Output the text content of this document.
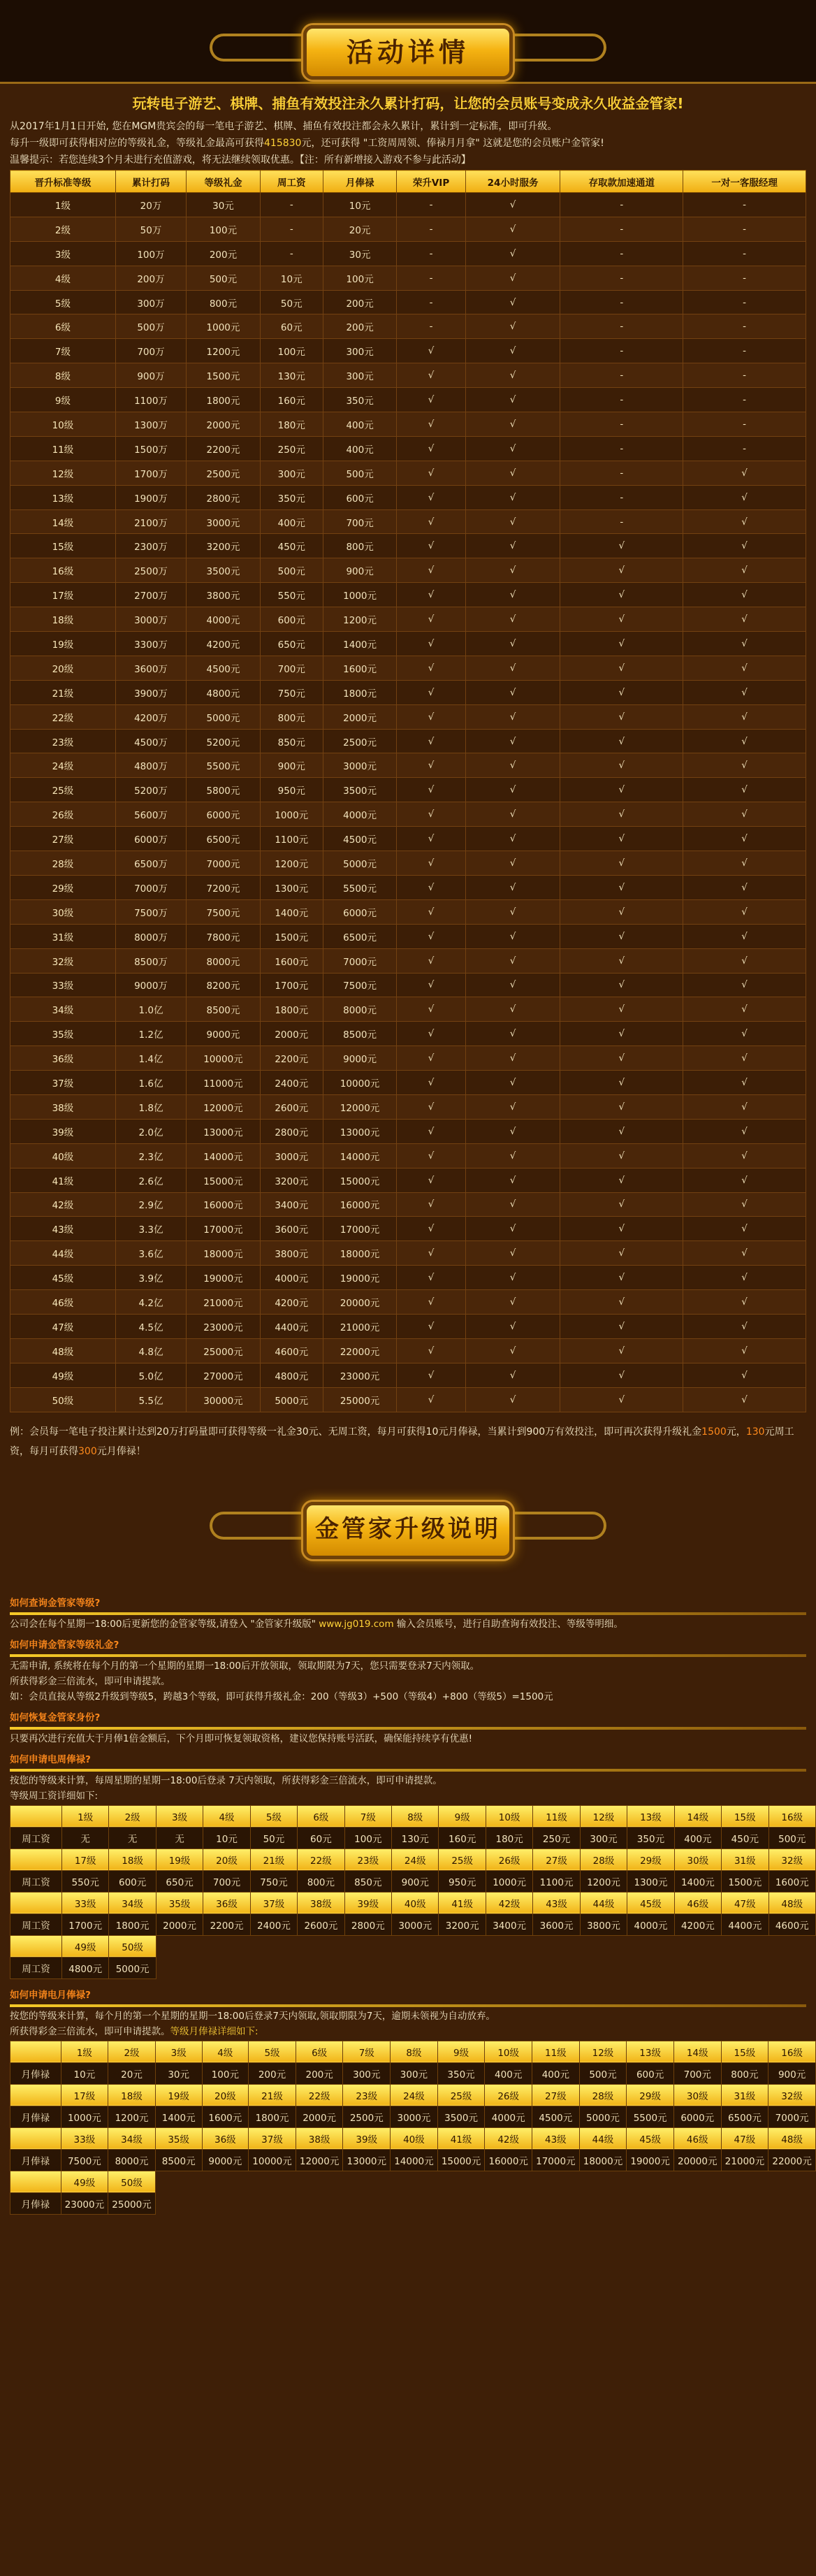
活动详情
玩转电子游艺、棋牌、捕鱼有效投注永久累计打码，让您的会员账号变成永久收益金管家!
从2017年1月1日开始, 您在MGM贵宾会的每一笔电子游艺、棋牌、捕鱼有效投注都会永久累计，累计到一定标准，即可升级。
每升一级即可获得相对应的等级礼金，等级礼金最高可获得415830元，还可获得 "工资周周领、俸禄月月拿" 这就是您的会员账户金管家!
温馨提示：若您连续3个月未进行充值游戏，将无法继续领取优惠。【注：所有新增接入游戏不参与此活动】
晋升标准等级	累计打码	等级礼金	周工资	月俸禄	荣升VIP	24小时服务	存取款加速通道	一对一客服经理
1级	20万	30元	-	10元	-	√	-	-
2级	50万	100元	-	20元	-	√	-	-
3级	100万	200元	-	30元	-	√	-	-
4级	200万	500元	10元	100元	-	√	-	-
5级	300万	800元	50元	200元	-	√	-	-
6级	500万	1000元	60元	200元	-	√	-	-
7级	700万	1200元	100元	300元	√	√	-	-
8级	900万	1500元	130元	300元	√	√	-	-
9级	1100万	1800元	160元	350元	√	√	-	-
10级	1300万	2000元	180元	400元	√	√	-	-
11级	1500万	2200元	250元	400元	√	√	-	-
12级	1700万	2500元	300元	500元	√	√	-	√
13级	1900万	2800元	350元	600元	√	√	-	√
14级	2100万	3000元	400元	700元	√	√	-	√
15级	2300万	3200元	450元	800元	√	√	√	√
16级	2500万	3500元	500元	900元	√	√	√	√
17级	2700万	3800元	550元	1000元	√	√	√	√
18级	3000万	4000元	600元	1200元	√	√	√	√
19级	3300万	4200元	650元	1400元	√	√	√	√
20级	3600万	4500元	700元	1600元	√	√	√	√
21级	3900万	4800元	750元	1800元	√	√	√	√
22级	4200万	5000元	800元	2000元	√	√	√	√
23级	4500万	5200元	850元	2500元	√	√	√	√
24级	4800万	5500元	900元	3000元	√	√	√	√
25级	5200万	5800元	950元	3500元	√	√	√	√
26级	5600万	6000元	1000元	4000元	√	√	√	√
27级	6000万	6500元	1100元	4500元	√	√	√	√
28级	6500万	7000元	1200元	5000元	√	√	√	√
29级	7000万	7200元	1300元	5500元	√	√	√	√
30级	7500万	7500元	1400元	6000元	√	√	√	√
31级	8000万	7800元	1500元	6500元	√	√	√	√
32级	8500万	8000元	1600元	7000元	√	√	√	√
33级	9000万	8200元	1700元	7500元	√	√	√	√
34级	1.0亿	8500元	1800元	8000元	√	√	√	√
35级	1.2亿	9000元	2000元	8500元	√	√	√	√
36级	1.4亿	10000元	2200元	9000元	√	√	√	√
37级	1.6亿	11000元	2400元	10000元	√	√	√	√
38级	1.8亿	12000元	2600元	12000元	√	√	√	√
39级	2.0亿	13000元	2800元	13000元	√	√	√	√
40级	2.3亿	14000元	3000元	14000元	√	√	√	√
41级	2.6亿	15000元	3200元	15000元	√	√	√	√
42级	2.9亿	16000元	3400元	16000元	√	√	√	√
43级	3.3亿	17000元	3600元	17000元	√	√	√	√
44级	3.6亿	18000元	3800元	18000元	√	√	√	√
45级	3.9亿	19000元	4000元	19000元	√	√	√	√
46级	4.2亿	21000元	4200元	20000元	√	√	√	√
47级	4.5亿	23000元	4400元	21000元	√	√	√	√
48级	4.8亿	25000元	4600元	22000元	√	√	√	√
49级	5.0亿	27000元	4800元	23000元	√	√	√	√
50级	5.5亿	30000元	5000元	25000元	√	√	√	√
例：会员每一笔电子投注累计达到20万打码量即可获得等级一礼金30元、无周工资，每月可获得10元月俸禄，当累计到900万有效投注，即可再次获得升级礼金1500元，130元周工资，每月可获得300元月俸禄！
金管家升级说明
如何查询金管家等级?
公司会在每个星期一18:00后更新您的金管家等级,请登入 "金管家升级版" www.jg019.com 输入会员账号，进行自助查询有效投注、等级等明细。
如何申请金管家等级礼金?
无需申请, 系统将在每个月的第一个星期的星期一18:00后开放领取，领取期限为7天，您只需要登录7天内领取。
所获得彩金三倍流水，即可申请提款。
如：会员直接从等级2升级到等级5，跨越3个等级，即可获得升级礼金：200（等级3）+500（等级4）+800（等级5）=1500元
如何恢复金管家身份?
只要再次进行充值大于月俸1倍金额后，下个月即可恢复领取资格，建议您保持账号活跃，确保能持续享有优惠!
如何申请电周俸禄?
按您的等级来计算，每周星期的星期一18:00后登录 7天内领取，所获得彩金三倍流水，即可申请提款。
等级周工资详细如下:
	1级	2级	3级	4级	5级	6级	7级	8级	9级	10级	11级	12级	13级	14级	15级	16级
周工资	无	无	无	10元	50元	60元	100元	130元	160元	180元	250元	300元	350元	400元	450元	500元
	17级	18级	19级	20级	21级	22级	23级	24级	25级	26级	27级	28级	29级	30级	31级	32级
周工资	550元	600元	650元	700元	750元	800元	850元	900元	950元	1000元	1100元	1200元	1300元	1400元	1500元	1600元
	33级	34级	35级	36级	37级	38级	39级	40级	41级	42级	43级	44级	45级	46级	47级	48级
周工资	1700元	1800元	2000元	2200元	2400元	2600元	2800元	3000元	3200元	3400元	3600元	3800元	4000元	4200元	4400元	4600元
	49级	50级														
周工资	4800元	5000元														
如何申请电月俸禄?
按您的等级来计算，每个月的第一个星期的星期一18:00后登录7天内领取,领取期限为7天，逾期未领视为自动放弃。
所获得彩金三倍流水，即可申请提款。等级月俸禄详细如下:
	1级	2级	3级	4级	5级	6级	7级	8级	9级	10级	11级	12级	13级	14级	15级	16级
月俸禄	10元	20元	30元	100元	200元	200元	300元	300元	350元	400元	400元	500元	600元	700元	800元	900元
	17级	18级	19级	20级	21级	22级	23级	24级	25级	26级	27级	28级	29级	30级	31级	32级
月俸禄	1000元	1200元	1400元	1600元	1800元	2000元	2500元	3000元	3500元	4000元	4500元	5000元	5500元	6000元	6500元	7000元
	33级	34级	35级	36级	37级	38级	39级	40级	41级	42级	43级	44级	45级	46级	47级	48级
月俸禄	7500元	8000元	8500元	9000元	10000元	12000元	13000元	14000元	15000元	16000元	17000元	18000元	19000元	20000元	21000元	22000元
	49级	50级														
月俸禄	23000元	25000元														
